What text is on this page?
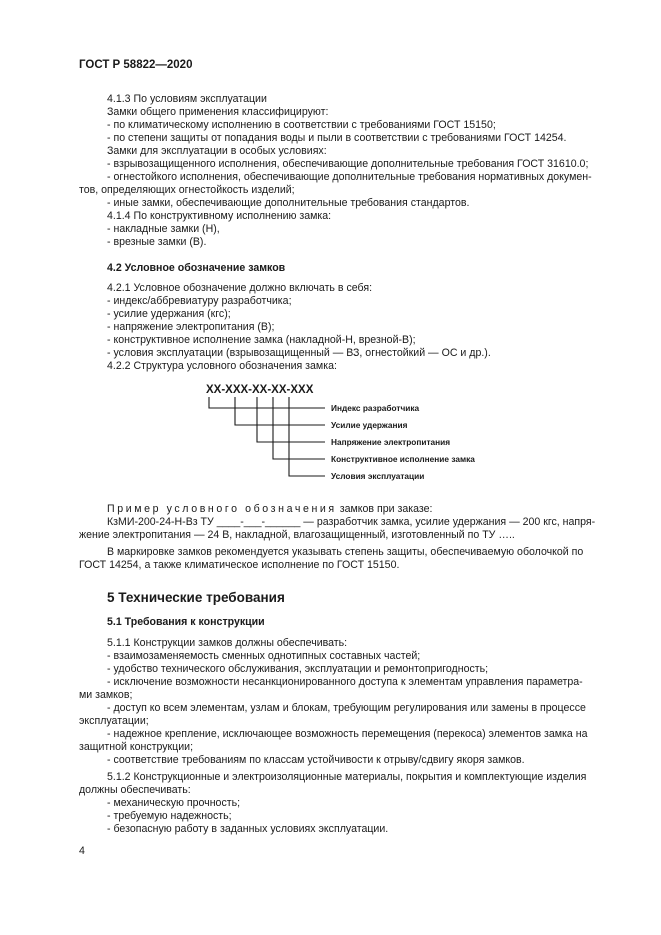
ГОСТ Р 58822—2020
4.1.3 По условиям эксплуатации
Замки общего применения классифицируют:
- по климатическому исполнению в соответствии с требованиями ГОСТ 15150;
- по степени защиты от попадания воды и пыли в соответствии с требованиями ГОСТ 14254.
Замки для эксплуатации в особых условиях:
- взрывозащищенного исполнения, обеспечивающие дополнительные требования ГОСТ 31610.0;
- огнестойкого исполнения, обеспечивающие дополнительные требования нормативных докумен-
тов, определяющих огнестойкость изделий;
- иные замки, обеспечивающие дополнительные требования стандартов.
4.1.4 По конструктивному исполнению замка:
- накладные замки (Н),
- врезные замки (В).
4.2 Условное обозначение замков
4.2.1 Условное обозначение должно включать в себя:
- индекс/аббревиатуру разработчика;
- усилие удержания (кгс);
- напряжение электропитания (В);
- конструктивное исполнение замка (накладной-Н, врезной-В);
- условия эксплуатации (взрывозащищенный — ВЗ, огнестойкий — ОС и др.).
4.2.2 Структура условного обозначения замка:
XX-XXX-XX-XX-XXX
Индекс разработчика
Усилие удержания
Напряжение электропитания
Конструктивное исполнение замка
Условия эксплуатации
Пример условного обозначения замков при заказе:
КзМИ-200-24-Н-Вз ТУ ____-___-______ — разработчик замка, усилие удержания — 200 кгс, напря-
жение электропитания — 24 В, накладной, влагозащищенный, изготовленный по ТУ …..
В маркировке замков рекомендуется указывать степень защиты, обеспечиваемую оболочкой по
ГОСТ 14254, а также климатическое исполнение по ГОСТ 15150.
5 Технические требования
5.1 Требования к конструкции
5.1.1 Конструкции замков должны обеспечивать:
- взаимозаменяемость сменных однотипных составных частей;
- удобство технического обслуживания, эксплуатации и ремонтопригодность;
- исключение возможности несанкционированного доступа к элементам управления параметра-
ми замков;
- доступ ко всем элементам, узлам и блокам, требующим регулирования или замены в процессе
эксплуатации;
- надежное крепление, исключающее возможность перемещения (перекоса) элементов замка на
защитной конструкции;
- соответствие требованиям по классам устойчивости к отрыву/сдвигу якоря замков.
5.1.2 Конструкционные и электроизоляционные материалы, покрытия и комплектующие изделия
должны обеспечивать:
- механическую прочность;
- требуемую надежность;
- безопасную работу в заданных условиях эксплуатации.
4
